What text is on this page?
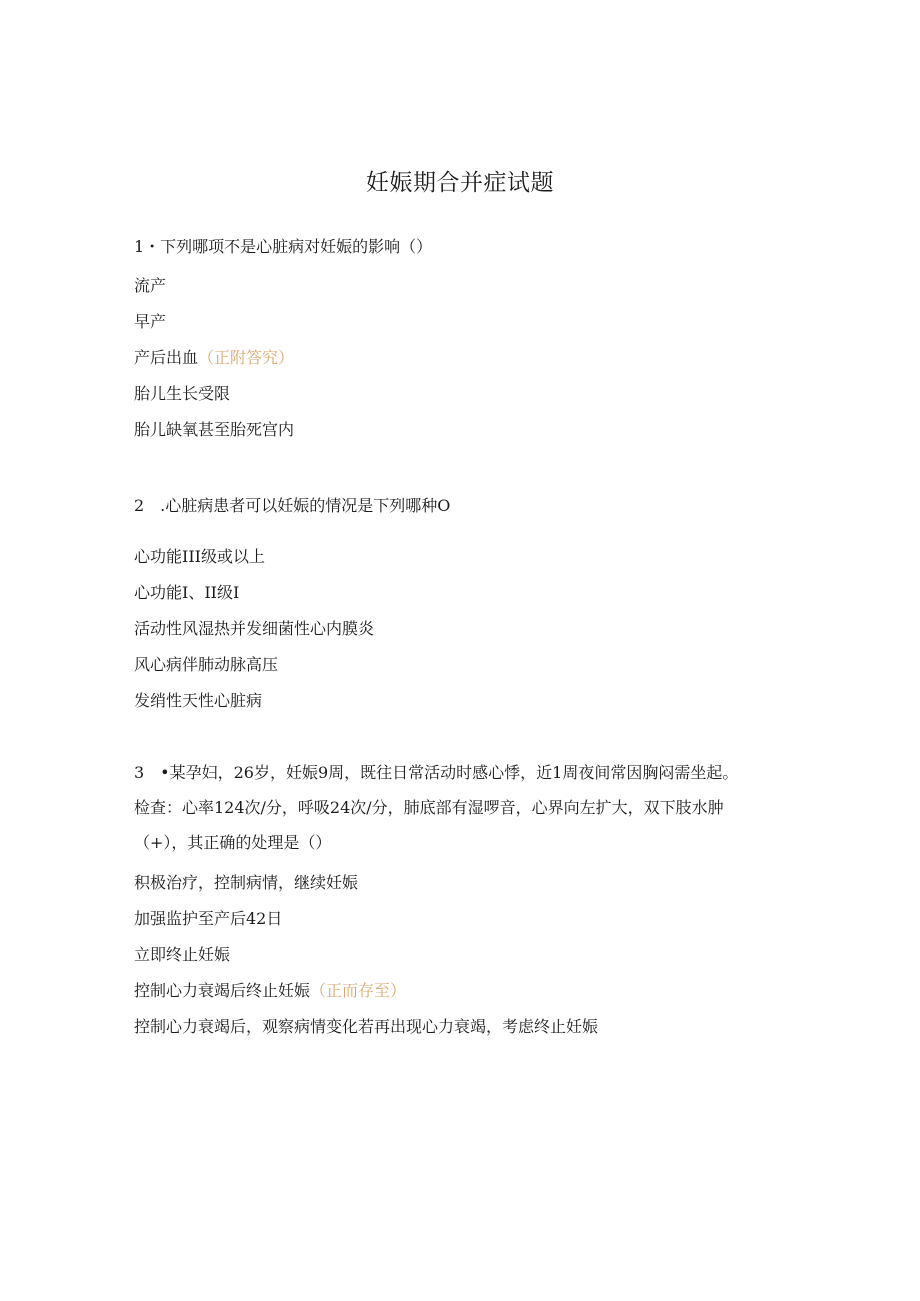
妊娠期合并症试题
1・下列哪项不是心脏病对妊娠的影响（）
流产
早产
产后出血（正附答究）
胎儿生长受限
胎儿缺氧甚至胎死宫内
2　.心脏病患者可以妊娠的情况是下列哪种O
心功能III级或以上
心功能I、II级I
活动性风湿热并发细菌性心内膜炎
风心病伴肺动脉高压
发绡性天性心脏病
3　•某孕妇，26岁，妊娠9周，既往日常活动时感心悸，近1周夜间常因胸闷需坐起。
检查：心率124次/分，呼吸24次/分，肺底部有湿啰音，心界向左扩大，双下肢水肿
（+），其正确的处理是（）
积极治疗，控制病情，继续妊娠
加强监护至产后42日
立即终止妊娠
控制心力衰竭后终止妊娠（正而存至）
控制心力衰竭后，观察病情变化若再出现心力衰竭，考虑终止妊娠
